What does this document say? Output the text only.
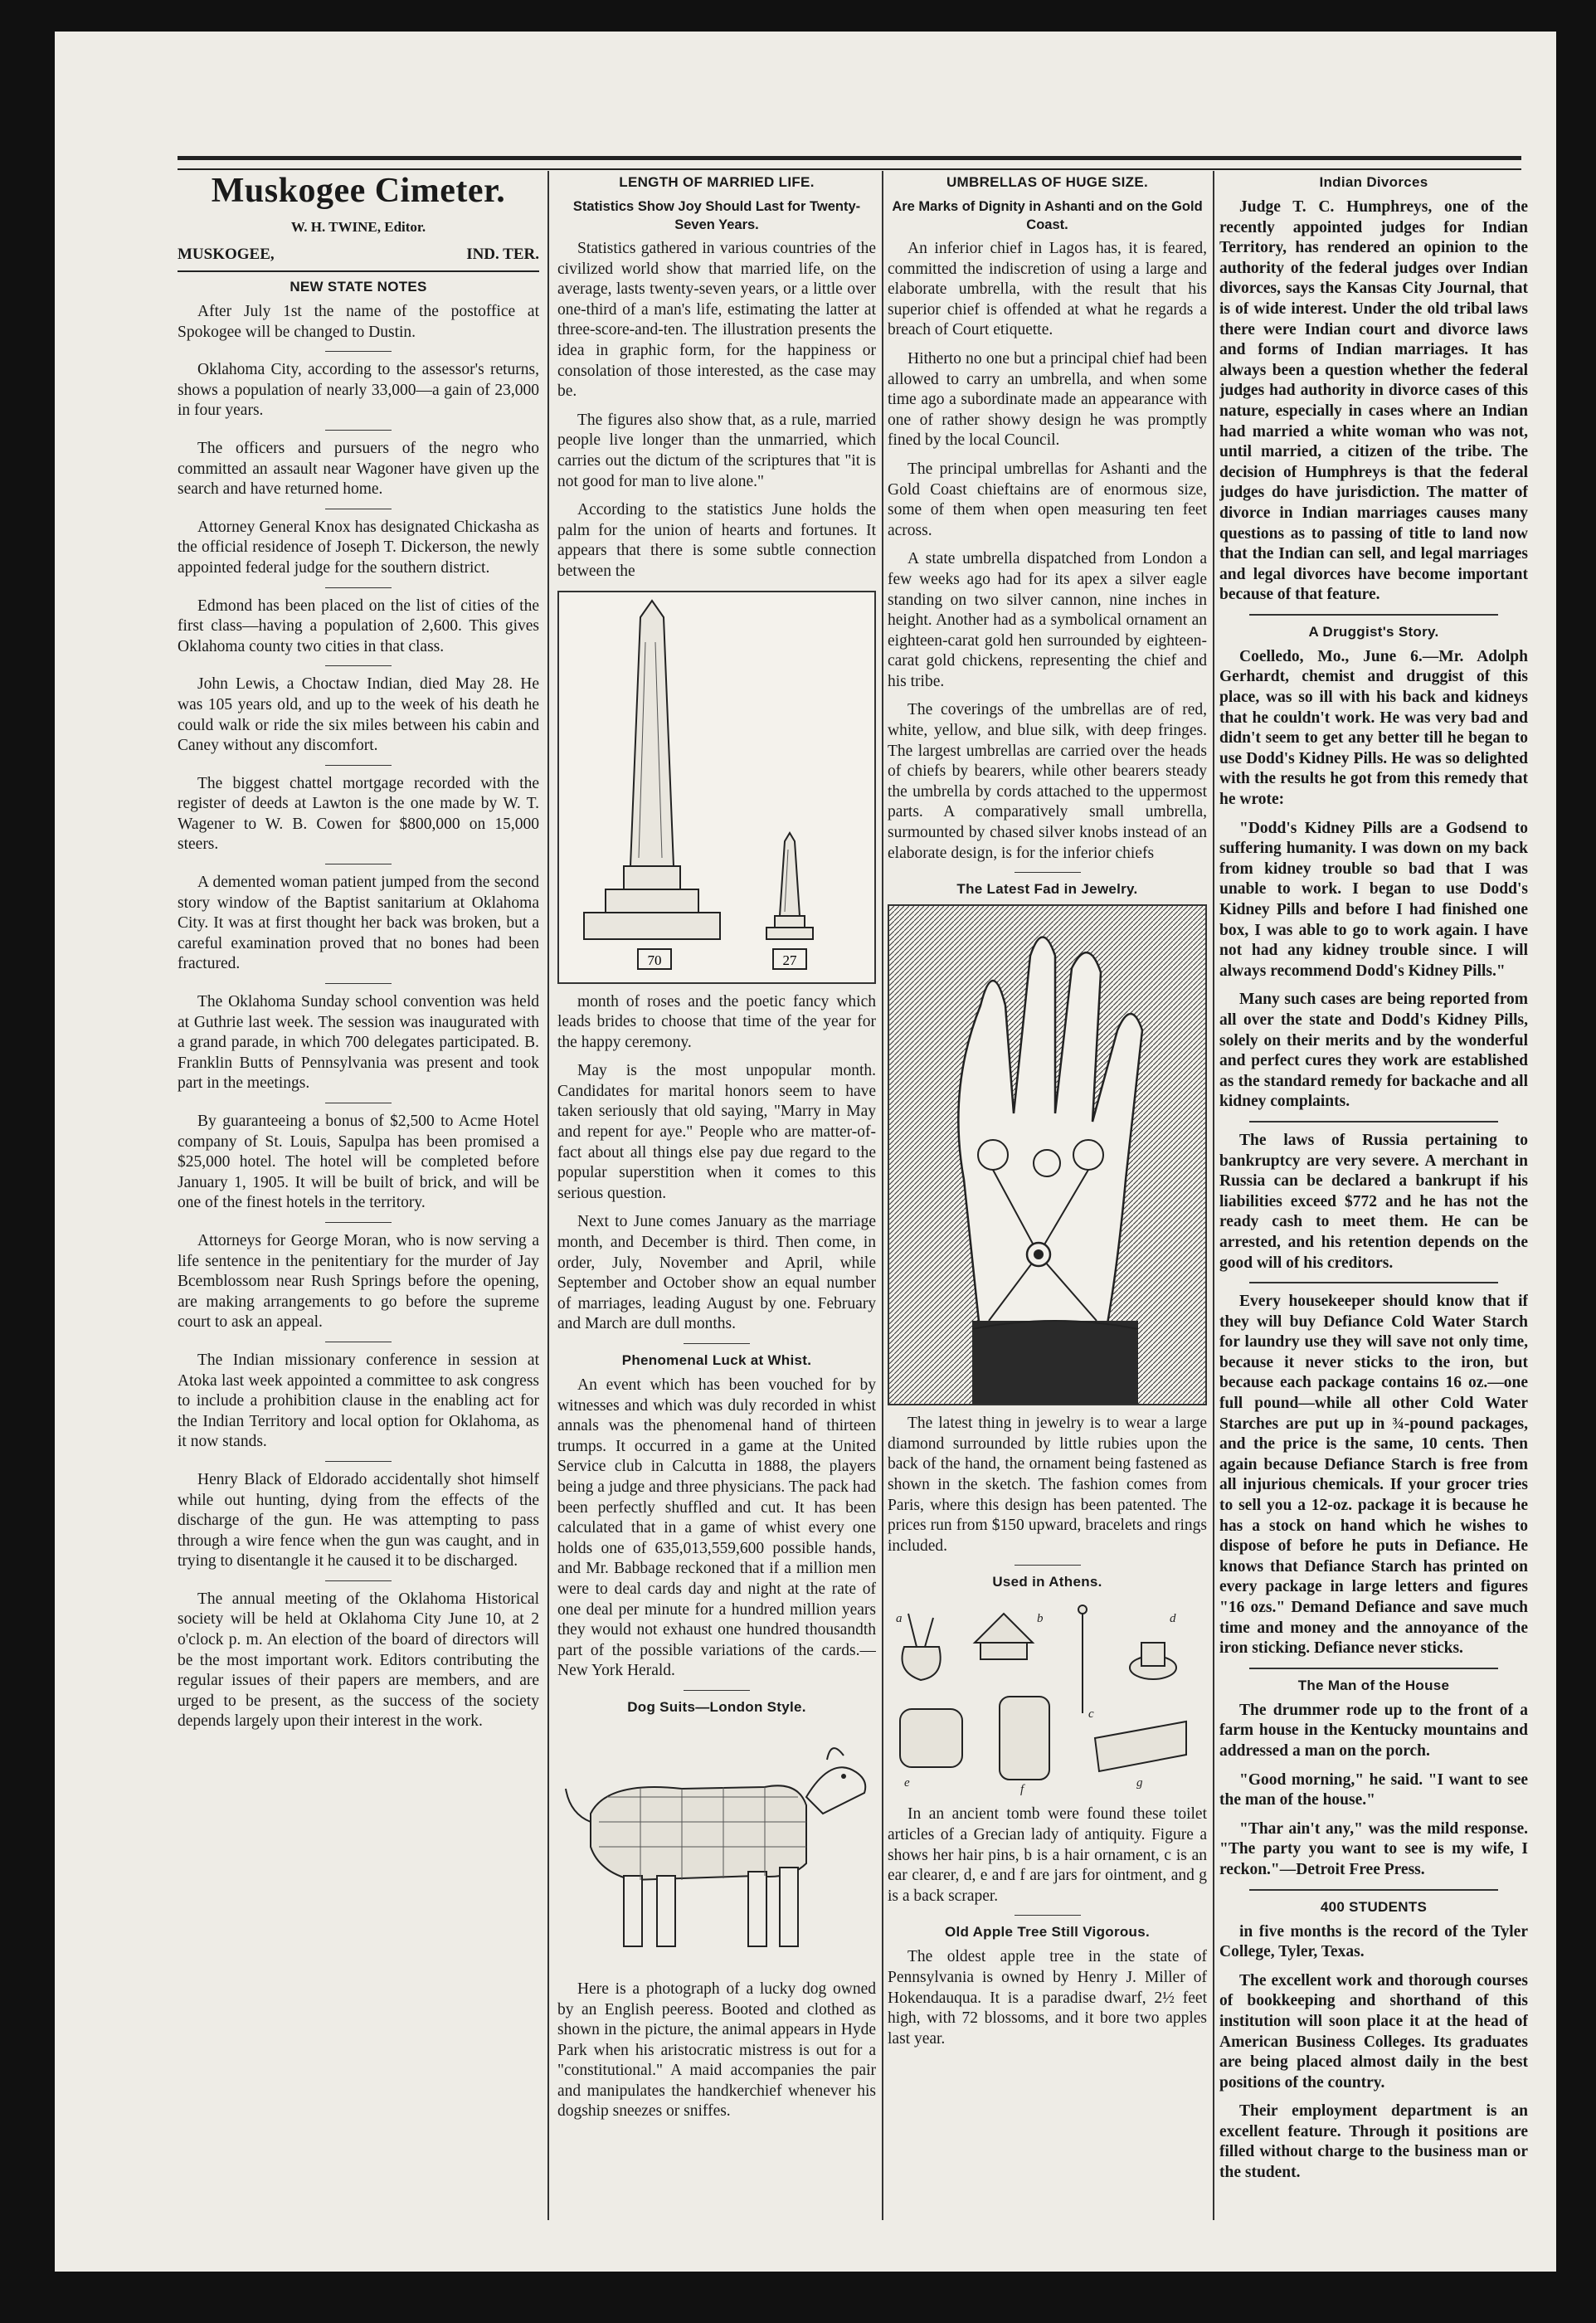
Muskogee Cimeter.
W. H. TWINE, Editor.
MUSKOGEE,	IND. TER.
NEW STATE NOTES

After July 1st the name of the postoffice at Spokogee will be changed to Dustin.

Oklahoma City, according to the assessor's returns, shows a population of nearly 33,000—a gain of 23,000 in four years.

The officers and pursuers of the negro who committed an assault near Wagoner have given up the search and have returned home.

Attorney General Knox has designated Chickasha as the official residence of Joseph T. Dickerson, the newly appointed federal judge for the southern district.

Edmond has been placed on the list of cities of the first class—having a population of 2,600. This gives Oklahoma county two cities in that class.

John Lewis, a Choctaw Indian, died May 28. He was 105 years old, and up to the week of his death he could walk or ride the six miles between his cabin and Caney without any discomfort.

The biggest chattel mortgage recorded with the register of deeds at Lawton is the one made by W. T. Wagener to W. B. Cowen for $800,000 on 15,000 steers.

A demented woman patient jumped from the second story window of the Baptist sanitarium at Oklahoma City. It was at first thought her back was broken, but a careful examination proved that no bones had been fractured.

The Oklahoma Sunday school convention was held at Guthrie last week. The session was inaugurated with a grand parade, in which 700 delegates participated. B. Franklin Butts of Pennsylvania was present and took part in the meetings.

By guaranteeing a bonus of $2,500 to Acme Hotel company of St. Louis, Sapulpa has been promised a $25,000 hotel. The hotel will be completed before January 1, 1905. It will be built of brick, and will be one of the finest hotels in the territory.

Attorneys for George Moran, who is now serving a life sentence in the penitentiary for the murder of Jay Bcemblossom near Rush Springs before the opening, are making arrangements to go before the supreme court to ask an appeal.

The Indian missionary conference in session at Atoka last week appointed a committee to ask congress to include a prohibition clause in the enabling act for the Indian Territory and local option for Oklahoma, as it now stands.

Henry Black of Eldorado accidentally shot himself while out hunting, dying from the effects of the discharge of the gun. He was attempting to pass through a wire fence when the gun was caught, and in trying to disentangle it he caused it to be discharged.

The annual meeting of the Oklahoma Historical society will be held at Oklahoma City June 10, at 2 o'clock p. m. An election of the board of directors will be the most important work. Editors contributing the regular issues of their papers are members, and are urged to be present, as the success of the society depends largely upon their interest in the work.

LENGTH OF MARRIED LIFE.
Statistics Show Joy Should Last for Twenty-Seven Years.

Statistics gathered in various countries of the civilized world show that married life, on the average, lasts twenty-seven years, or a little over one-third of a man's life, estimating the latter at three-score-and-ten. The illustration presents the idea in graphic form, for the happiness or consolation of those interested, as the case may be.

The figures also show that, as a rule, married people live longer than the unmarried, which carries out the dictum of the scriptures that "it is not good for man to live alone."

According to the statistics June holds the palm for the union of hearts and fortunes. It appears that there is some subtle connection between the

70	27

month of roses and the poetic fancy which leads brides to choose that time of the year for the happy ceremony.

May is the most unpopular month. Candidates for marital honors seem to have taken seriously that old saying, "Marry in May and repent for aye." People who are matter-of-fact about all things else pay due regard to the popular superstition when it comes to this serious question.

Next to June comes January as the marriage month, and December is third. Then come, in order, July, November and April, while September and October show an equal number of marriages, leading August by one. February and March are dull months.

Phenomenal Luck at Whist.

An event which has been vouched for by witnesses and which was duly recorded in whist annals was the phenomenal hand of thirteen trumps. It occurred in a game at the United Service club in Calcutta in 1888, the players being a judge and three physicians. The pack had been perfectly shuffled and cut. It has been calculated that in a game of whist every one holds one of 635,013,559,600 possible hands, and Mr. Babbage reckoned that if a million men were to deal cards day and night at the rate of one deal per minute for a hundred million years they would not exhaust one hundred thousandth part of the possible variations of the cards.—New York Herald.

Dog Suits—London Style.

Here is a photograph of a lucky dog owned by an English peeress. Booted and clothed as shown in the picture, the animal appears in Hyde Park when his aristocratic mistress is out for a "constitutional." A maid accompanies the pair and manipulates the handkerchief whenever his dogship sneezes or sniffes.

UMBRELLAS OF HUGE SIZE.
Are Marks of Dignity in Ashanti and on the Gold Coast.

An inferior chief in Lagos has, it is feared, committed the indiscretion of using a large and elaborate umbrella, with the result that his superior chief is offended at what he regards a breach of Court etiquette.

Hitherto no one but a principal chief had been allowed to carry an umbrella, and when some time ago a subordinate made an appearance with one of rather showy design he was promptly fined by the local Council.

The principal umbrellas for Ashanti and the Gold Coast chieftains are of enormous size, some of them when open measuring ten feet across.

A state umbrella dispatched from London a few weeks ago had for its apex a silver eagle standing on two silver cannon, nine inches in height. Another had as a symbolical ornament an eighteen-carat gold hen surrounded by eighteen-carat gold chickens, representing the chief and his tribe.

The coverings of the umbrellas are of red, white, yellow, and blue silk, with deep fringes. The largest umbrellas are carried over the heads of chiefs by bearers, while other bearers steady the umbrella by cords attached to the uppermost parts. A comparatively small umbrella, surmounted by chased silver knobs instead of an elaborate design, is for the inferior chiefs

The Latest Fad in Jewelry.

The latest thing in jewelry is to wear a large diamond surrounded by little rubies upon the back of the hand, the ornament being fastened as shown in the sketch. The fashion comes from Paris, where this design has been patented. The prices run from $150 upward, bracelets and rings included.

Used in Athens.
a	b
c
d
e	f	g

In an ancient tomb were found these toilet articles of a Grecian lady of antiquity. Figure a shows her hair pins, b is a hair ornament, c is an ear clearer, d, e and f are jars for ointment, and g is a back scraper.

Old Apple Tree Still Vigorous.

The oldest apple tree in the state of Pennsylvania is owned by Henry J. Miller of Hokendauqua. It is a paradise dwarf, 2½ feet high, with 72 blossoms, and it bore two apples last year.

Indian Divorces

Judge T. C. Humphreys, one of the recently appointed judges for Indian Territory, has rendered an opinion to the authority of the federal judges over Indian divorces, says the Kansas City Journal, that is of wide interest. Under the old tribal laws there were Indian court and divorce laws and forms of Indian marriages. It has always been a question whether the federal judges had authority in divorce cases of this nature, especially in cases where an Indian had married a white woman who was not, until married, a citizen of the tribe. The decision of Humphreys is that the federal judges do have jurisdiction. The matter of divorce in Indian marriages causes many questions as to passing of title to land now that the Indian can sell, and legal marriages and legal divorces have become important because of that feature.

A Druggist's Story.

Coelledo, Mo., June 6.—Mr. Adolph Gerhardt, chemist and druggist of this place, was so ill with his back and kidneys that he couldn't work. He was very bad and didn't seem to get any better till he began to use Dodd's Kidney Pills. He was so delighted with the results he got from this remedy that he wrote:

"Dodd's Kidney Pills are a Godsend to suffering humanity. I was down on my back from kidney trouble so bad that I was unable to work. I began to use Dodd's Kidney Pills and before I had finished one box, I was able to go to work again. I have not had any kidney trouble since. I will always recommend Dodd's Kidney Pills."

Many such cases are being reported from all over the state and Dodd's Kidney Pills, solely on their merits and by the wonderful and perfect cures they work are established as the standard remedy for backache and all kidney complaints.

The laws of Russia pertaining to bankruptcy are very severe. A merchant in Russia can be declared a bankrupt if his liabilities exceed $772 and he has not the ready cash to meet them. He can be arrested, and his retention depends on the good will of his creditors.

Every housekeeper should know that if they will buy Defiance Cold Water Starch for laundry use they will save not only time, because it never sticks to the iron, but because each package contains 16 oz.—one full pound—while all other Cold Water Starches are put up in ¾-pound packages, and the price is the same, 10 cents. Then again because Defiance Starch is free from all injurious chemicals. If your grocer tries to sell you a 12-oz. package it is because he has a stock on hand which he wishes to dispose of before he puts in Defiance. He knows that Defiance Starch has printed on every package in large letters and figures "16 ozs." Demand Defiance and save much time and money and the annoyance of the iron sticking. Defiance never sticks.

The Man of the House

The drummer rode up to the front of a farm house in the Kentucky mountains and addressed a man on the porch.

"Good morning," he said. "I want to see the man of the house."

"Thar ain't any," was the mild response. "The party you want to see is my wife, I reckon."—Detroit Free Press.

400 STUDENTS

in five months is the record of the Tyler College, Tyler, Texas.

The excellent work and thorough courses of bookkeeping and shorthand of this institution will soon place it at the head of American Business Colleges. Its graduates are being placed almost daily in the best positions of the country.

Their employment department is an excellent feature. Through it positions are filled without charge to the business man or the student.
